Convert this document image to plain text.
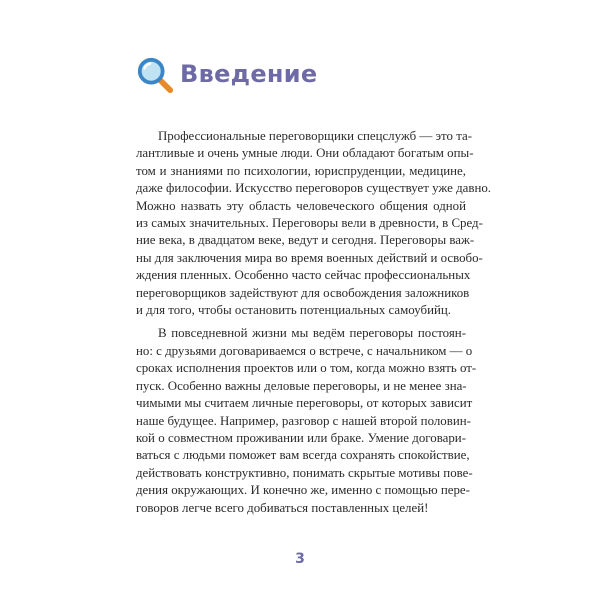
Введение

Профессиональные переговорщики спецслужб — это та-
лантливые и очень умные люди. Они обладают богатым опы-
том и знаниями по психологии, юриспруденции, медицине,
даже философии. Искусство переговоров существует уже давно.
Можно назвать эту область человеческого общения одной
из самых значительных. Переговоры вели в древности, в Сред-
ние века, в двадцатом веке, ведут и сегодня. Переговоры важ-
ны для заключения мира во время военных действий и освобо-
ждения пленных. Особенно часто сейчас профессиональных
переговорщиков задействуют для освобождения заложников
и для того, чтобы остановить потенциальных самоубийц.

В повседневной жизни мы ведём переговоры постоян-
но: с друзьями договариваемся о встрече, с начальником — о
сроках исполнения проектов или о том, когда можно взять от-
пуск. Особенно важны деловые переговоры, и не менее зна-
чимыми мы считаем личные переговоры, от которых зависит
наше будущее. Например, разговор с нашей второй половин-
кой о совместном проживании или браке. Умение договари-
ваться с людьми поможет вам всегда сохранять спокойствие,
действовать конструктивно, понимать скрытые мотивы пове-
дения окружающих. И конечно же, именно с помощью пере-
говоров легче всего добиваться поставленных целей!

3
